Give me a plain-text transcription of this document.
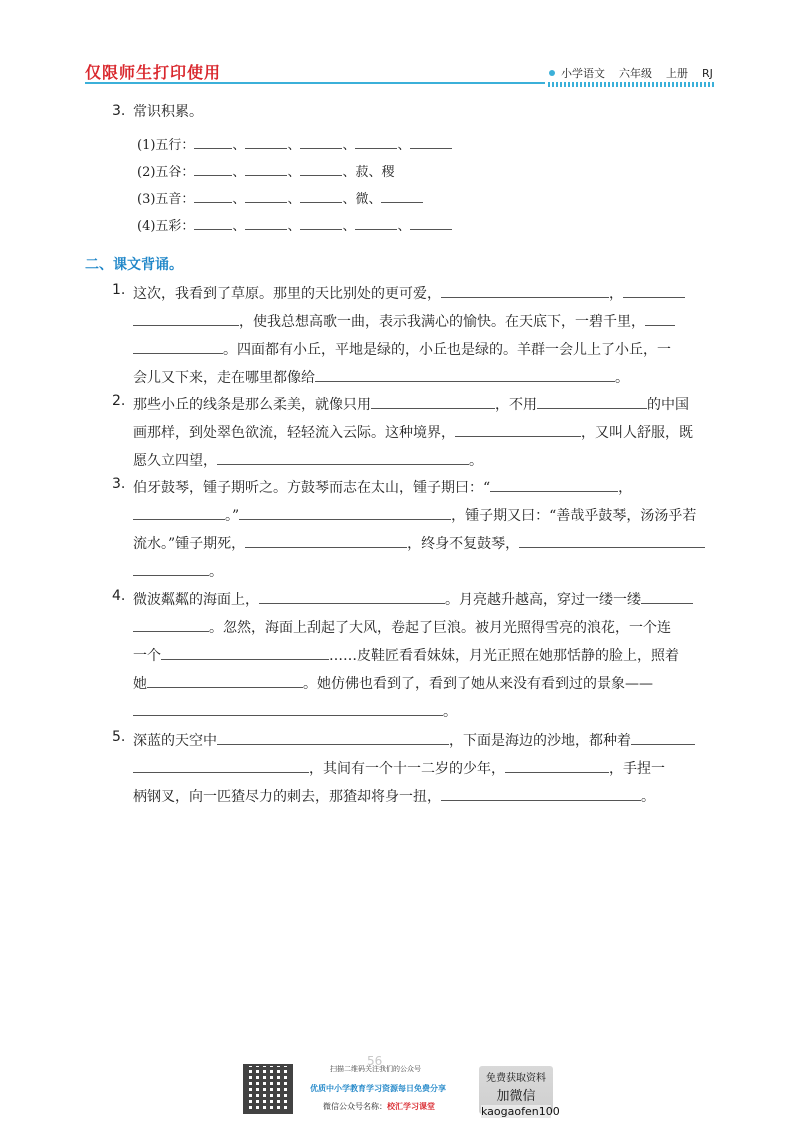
仅限师生打印使用	小学语文 六年级 上册 RJ
3. 常识积累。
(1)五行：	、	、	、	、
(2)五谷：	、	、	、菽、稷
(3)五音：	、	、	、微、
(4)五彩：	、	、	、	、
二、课文背诵。
1. 这次，我看到了草原。那里的天比别处的更可爱，	，
，使我总想高歌一曲，表示我满心的愉快。在天底下，一碧千里，
。四面都有小丘，平地是绿的，小丘也是绿的。羊群一会儿上了小丘，一
会儿又下来，走在哪里都像给	。
2. 那些小丘的线条是那么柔美，就像只用	，不用	的中国
画那样，到处翠色欲流，轻轻流入云际。这种境界，	，又叫人舒服，既
愿久立四望，	。
3. 伯牙鼓琴，锺子期听之。方鼓琴而志在太山，锺子期曰：“	，
。”	，锺子期又曰：“善哉乎鼓琴，汤汤乎若
流水。”锺子期死，	，终身不复鼓琴，
。
4. 微波粼粼的海面上，	。月亮越升越高，穿过一缕一缕
。忽然，海面上刮起了大风，卷起了巨浪。被月光照得雪亮的浪花，一个连
一个	……皮鞋匠看看妹妹，月光正照在她那恬静的脸上，照着
她	。她仿佛也看到了，看到了她从来没有看到过的景象——
。
5. 深蓝的天空中	，下面是海边的沙地，都种着
，其间有一个十一二岁的少年，	，手捏一
柄钢叉，向一匹猹尽力的刺去，那猹却将身一扭，	。
56
扫描二维码关注我们的公众号
优质中小学教育学习资源每日免费分享
微信公众号名称：校汇学习课堂
免费获取资料
加微信
kaogaofen100
